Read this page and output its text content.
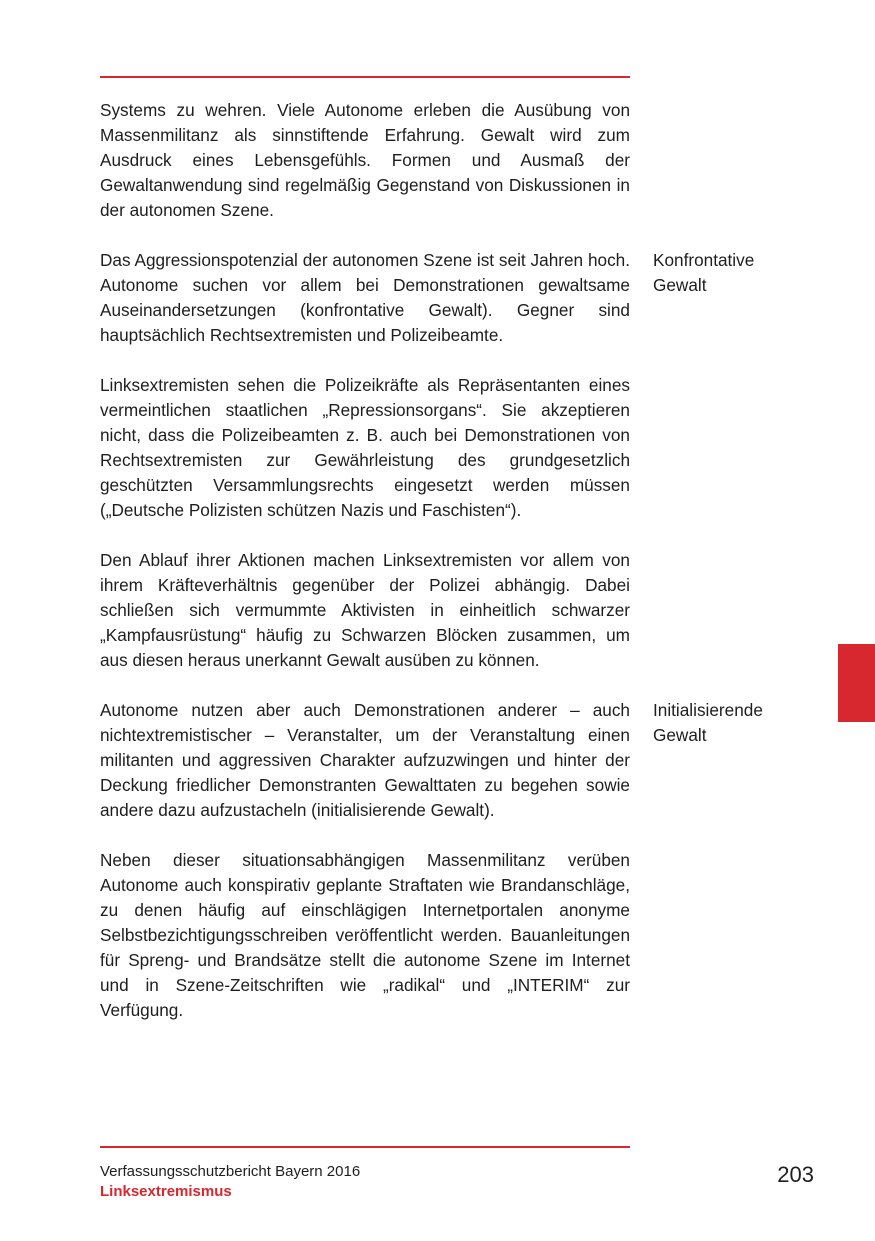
Systems zu wehren. Viele Autonome erleben die Ausübung von Massenmilitanz als sinnstiftende Erfahrung. Gewalt wird zum Ausdruck eines Lebensgefühls. Formen und Ausmaß der Gewaltanwendung sind regelmäßig Gegenstand von Diskussionen in der autonomen Szene.

Das Aggressionspotenzial der autonomen Szene ist seit Jahren hoch. Autonome suchen vor allem bei Demonstrationen gewaltsame Auseinandersetzungen (konfrontative Gewalt). Gegner sind hauptsächlich Rechtsextremisten und Polizeibeamte.

Linksextremisten sehen die Polizeikräfte als Repräsentanten eines vermeintlichen staatlichen „Repressionsorgans“. Sie akzeptieren nicht, dass die Polizeibeamten z. B. auch bei Demonstrationen von Rechtsextremisten zur Gewährleistung des grundgesetzlich geschützten Versammlungsrechts eingesetzt werden müssen („Deutsche Polizisten schützen Nazis und Faschisten“).

Den Ablauf ihrer Aktionen machen Linksextremisten vor allem von ihrem Kräfteverhältnis gegenüber der Polizei abhängig. Dabei schließen sich vermummte Aktivisten in einheitlich schwarzer „Kampfausrüstung“ häufig zu Schwarzen Blöcken zusammen, um aus diesen heraus unerkannt Gewalt ausüben zu können.

Autonome nutzen aber auch Demonstrationen anderer – auch nichtextremistischer – Veranstalter, um der Veranstaltung einen militanten und aggressiven Charakter aufzuzwingen und hinter der Deckung friedlicher Demonstranten Gewalttaten zu begehen sowie andere dazu aufzustacheln (initialisierende Gewalt).

Neben dieser situationsabhängigen Massenmilitanz verüben Autonome auch konspirativ geplante Straftaten wie Brandanschläge, zu denen häufig auf einschlägigen Internetportalen anonyme Selbstbezichtigungsschreiben veröffentlicht werden. Bauanleitungen für Spreng- und Brandsätze stellt die autonome Szene im Internet und in Szene-Zeitschriften wie „radikal“ und „INTERIM“ zur Verfügung.

Konfrontative
Gewalt

Initialisierende
Gewalt

Verfassungsschutzbericht Bayern 2016
Linksextremismus
203
